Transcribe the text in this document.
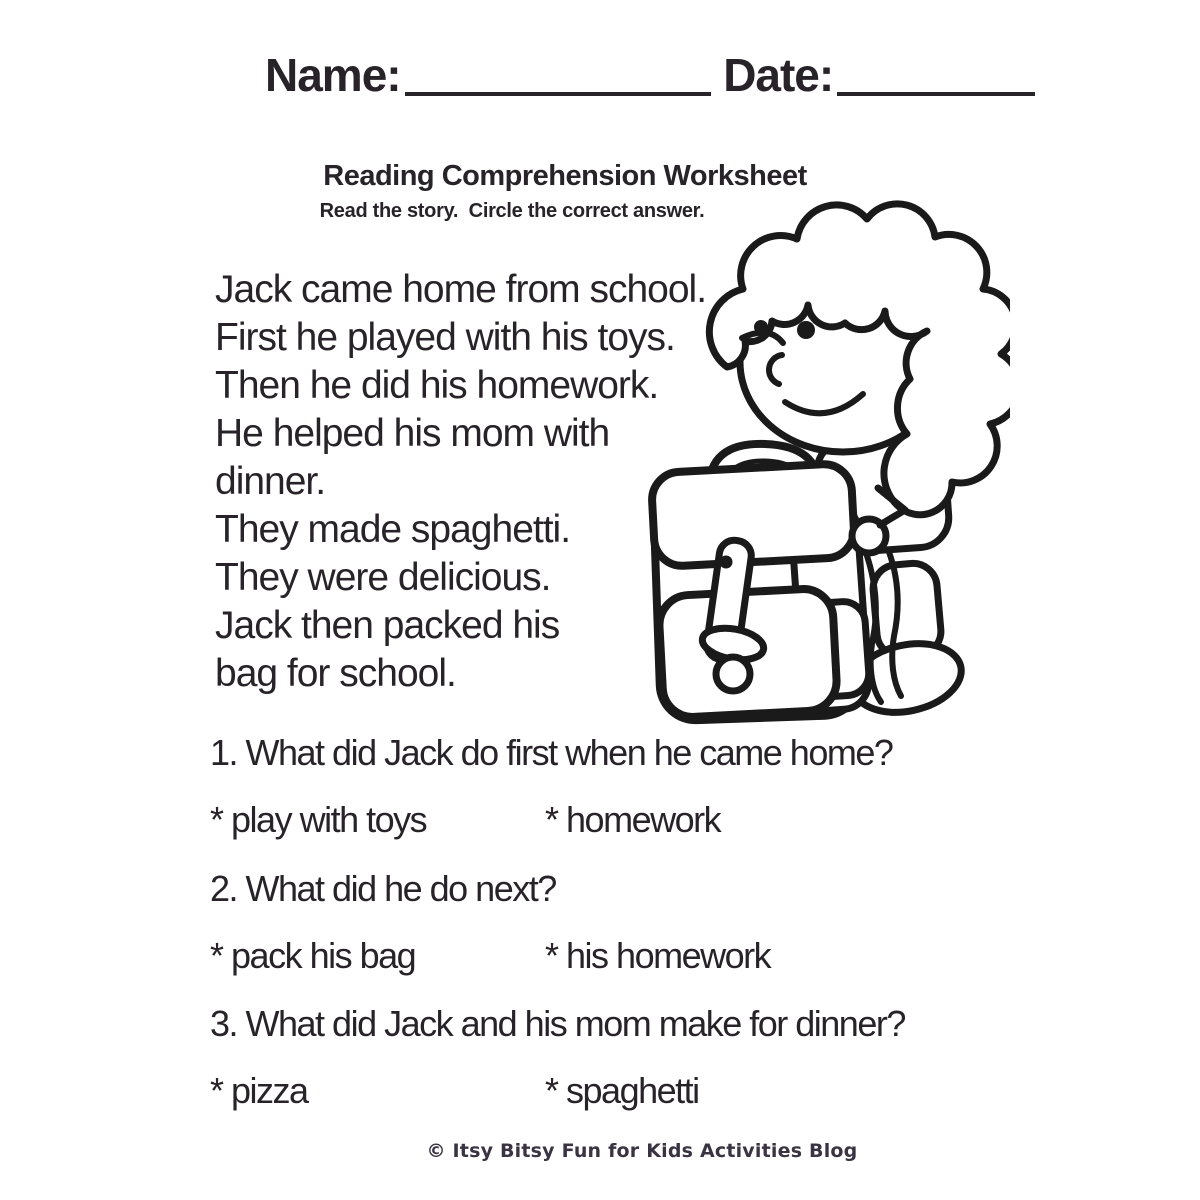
Name:	Date:
Reading Comprehension Worksheet
Read the story.  Circle the correct answer.
Jack came home from school.
First he played with his toys.
Then he did his homework.
He helped his mom with
dinner.
They made spaghetti.
They were delicious.
Jack then packed his
bag for school.
1. What did Jack do first when he came home?
* play with toys	* homework
2. What did he do next?
* pack his bag	* his homework
3. What did Jack and his mom make for dinner?
* pizza	* spaghetti
© Itsy Bitsy Fun for Kids Activities Blog
